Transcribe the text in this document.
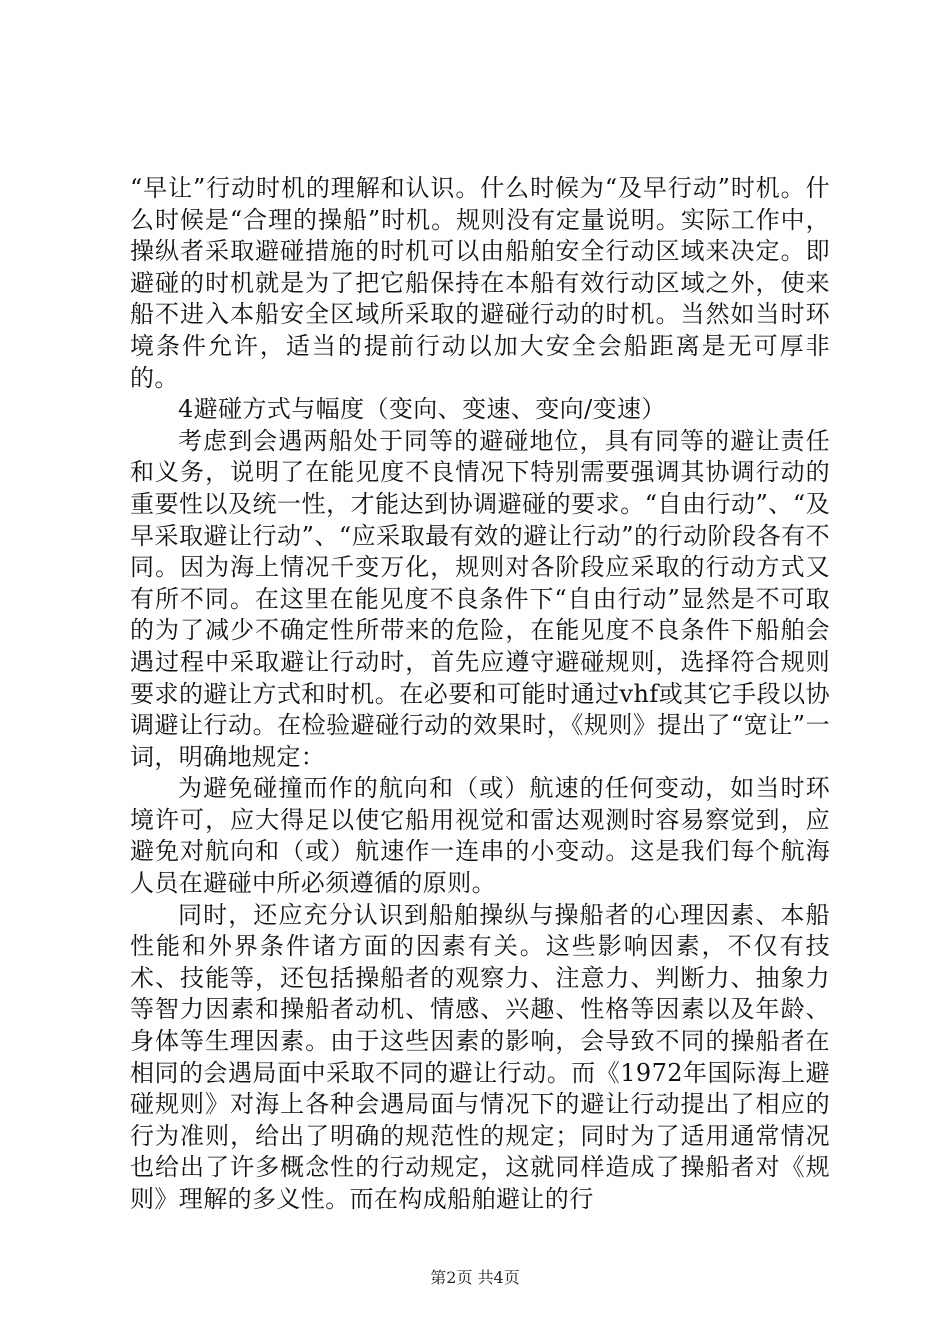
“早让”行动时机的理解和认识。什么时候为“及早行动”时机。什么时候是“合理的操船”时机。规则没有定量说明。实际工作中，操纵者采取避碰措施的时机可以由船舶安全行动区域来决定。即避碰的时机就是为了把它船保持在本船有效行动区域之外，使来船不进入本船安全区域所采取的避碰行动的时机。当然如当时环境条件允许，适当的提前行动以加大安全会船距离是无可厚非的。

4避碰方式与幅度（变向、变速、变向/变速）

考虑到会遇两船处于同等的避碰地位，具有同等的避让责任和义务，说明了在能见度不良情况下特别需要强调其协调行动的重要性以及统一性，才能达到协调避碰的要求。“自由行动”、“及早采取避让行动”、“应采取最有效的避让行动”的行动阶段各有不同。因为海上情况千变万化，规则对各阶段应采取的行动方式又有所不同。在这里在能见度不良条件下“自由行动”显然是不可取的为了减少不确定性所带来的危险，在能见度不良条件下船舶会遇过程中采取避让行动时，首先应遵守避碰规则，选择符合规则要求的避让方式和时机。在必要和可能时通过vhf或其它手段以协调避让行动。在检验避碰行动的效果时，《规则》提出了“宽让”一词，明确地规定：

为避免碰撞而作的航向和（或）航速的任何变动，如当时环境许可，应大得足以使它船用视觉和雷达观测时容易察觉到，应避免对航向和（或）航速作一连串的小变动。这是我们每个航海人员在避碰中所必须遵循的原则。

同时，还应充分认识到船舶操纵与操船者的心理因素、本船性能和外界条件诸方面的因素有关。这些影响因素，不仅有技术、技能等，还包括操船者的观察力、注意力、判断力、抽象力等智力因素和操船者动机、情感、兴趣、性格等因素以及年龄、身体等生理因素。由于这些因素的影响，会导致不同的操船者在相同的会遇局面中采取不同的避让行动。而《1972年国际海上避碰规则》对海上各种会遇局面与情况下的避让行动提出了相应的行为准则，给出了明确的规范性的规定；同时为了适用通常情况也给出了许多概念性的行动规定，这就同样造成了操船者对《规则》理解的多义性。而在构成船舶避让的行

第2页 共4页
